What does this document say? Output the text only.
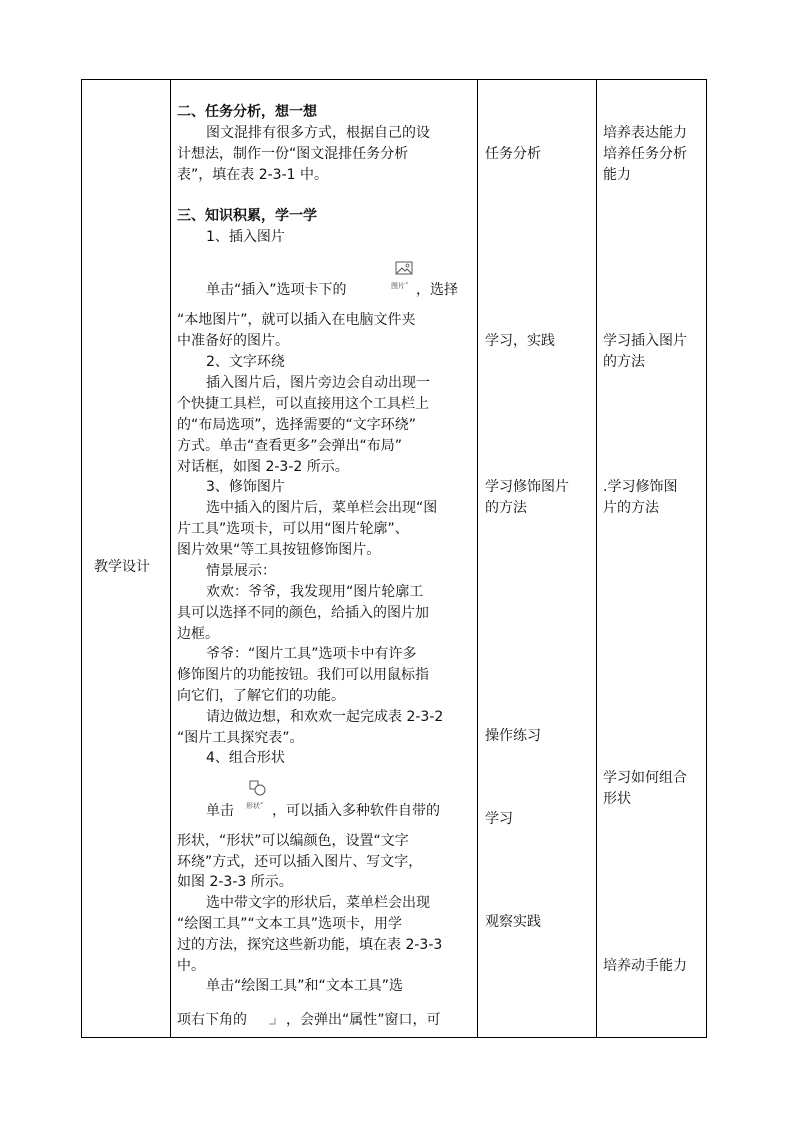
教学设计
二、任务分析，想一想
图文混排有很多方式，根据自己的设
计想法，制作一份“图文混排任务分析
表”，填在表 2-3-1 中。
三、知识积累，学一学
1、插入图片
单击“插入”选项卡下的	图片˅ ，选择
“本地图片”，就可以插入在电脑文件夹
中准备好的图片。
2、文字环绕
插入图片后，图片旁边会自动出现一
个快捷工具栏，可以直接用这个工具栏上
的“布局选项”，选择需要的“文字环绕”
方式。单击“查看更多”会弹出“布局”
对话框，如图 2-3-2 所示。
3、修饰图片
选中插入的图片后，菜单栏会出现“图
片工具”选项卡，可以用“图片轮廓”、
图片效果“等工具按钮修饰图片。
情景展示：
欢欢：爷爷，我发现用“图片轮廓工
具可以选择不同的颜色，给插入的图片加
边框。
爷爷：“图片工具”选项卡中有许多
修饰图片的功能按钮。我们可以用鼠标指
向它们，了解它们的功能。
请边做边想，和欢欢一起完成表 2-3-2
“图片工具探究表”。
4、组合形状
单击 形状˅ ，可以插入多种软件自带的
形状，“形状”可以编颜色，设置“文字
环绕”方式，还可以插入图片、写文字，
如图 2-3-3 所示。
选中带文字的形状后，菜单栏会出现
“绘图工具”“文本工具”选项卡，用学
过的方法，探究这些新功能，填在表 2-3-3
中。
单击“绘图工具”和“文本工具”选
项右下角的	，会弹出“属性”窗口，可
任务分析
学习，实践
学习修饰图片
的方法
操作练习
学习
观察实践
培养表达能力
培养任务分析
能力
学习插入图片
的方法
.学习修饰图
片的方法
学习如何组合
形状
培养动手能力
